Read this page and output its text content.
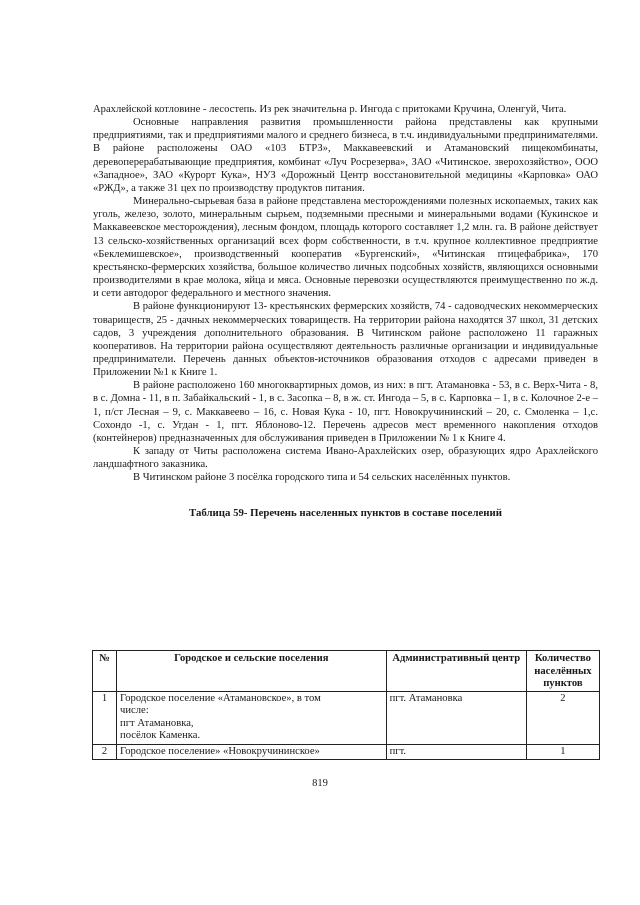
Арахлейской котловине - лесостепь. Из рек значительна р. Ингода с притоками Кручина, Оленгуй, Чита.

Основные направления развития промышленности района представлены как крупными предприятиями, так и предприятиями малого и среднего бизнеса, в т.ч. индивидуальными предпринимателями. В районе расположены ОАО «103 БТРЗ», Маккавеевский и Атамановский пищекомбинаты, деревоперерабатывающие предприятия, комбинат «Луч Росрезерва», ЗАО «Читинское. звероxозяйство», ООО «Западное», ЗАО «Курорт Кука», НУЗ «Дорожный Центр восстановительной медицины «Карповка» ОАО «РЖД», а также 31 цех по производству продуктов питания.

Минерально-сырьевая база в районе представлена месторождениями полезных ископаемых, таких как уголь, железо, золото, минеральным сырьем, подземными пресными и минеральными водами (Кукинское и Маккавеевское месторождения), лесным фондом, площадь которого составляет 1,2 млн. га. В районе действует 13 сельско-хозяйственных организаций всех форм собственности, в т.ч. крупное коллективное предприятие «Беклемишевское», производственный кооператив «Бургенский», «Читинская птицефабрика», 170 крестьянско-фермерских хозяйства, большое количество личных подсобных хозяйств, являющихся основными производителями в крае молока, яйца и мяса. Основные перевозки осуществляются преимущественно по ж.д. и сети автодорог федерального и местного значения.

В районе функционируют 13- крестьянских фермерских хозяйств, 74 - садоводческих некоммерческих товариществ, 25 - дачных некоммерческих товариществ. На территории района находятся 37 школ, 31 детских садов, 3 учреждения дополнительного образования. В Читинском районе расположено 11 гаражных кооперативов. На территории района осуществляют деятельность различные организации и индивидуальные предприниматели. Перечень данных объектов-источников образования отходов с адресами приведен в Приложении №1 к Книге 1.

В районе расположено 160 многоквартирных домов, из них: в пгт. Атамановка - 53, в с. Верх-Чита - 8, в с. Домна - 11, в п. Забайкальский - 1, в с. Засопка – 8, в ж. ст. Ингода – 5, в с. Карповка – 1, в с. Колочное 2-е – 1, п/ст Лесная – 9, с. Маккавеево – 16, с. Новая Кука - 10, пгт. Новокручининский – 20, с. Смоленка – 1,с. Сохондо -1, с. Угдан - 1, пгт. Яблоново-12. Перечень адресов мест временного накопления отходов (контейнеров) предназначенных для обслуживания приведен в Приложении № 1 к Книге 4.

К западу от Читы расположена система Ивано-Арахлейских озер, образующих ядро Арахлейского ландшафтного заказника.

В Читинском районе 3 посёлка городского типа и 54 сельских населённых пунктов.

Таблица 59- Перечень населенных пунктов в составе поселений

№	Городское и сельские поселения	Административный центр	Количество населённых пунктов
1	Городское поселение «Атамановское», в том
числе:
пгт Атамановка,
посёлок Каменка.	пгт. Атамановка	2
2	Городское поселение» «Новокручининское»	пгт.	1
819
